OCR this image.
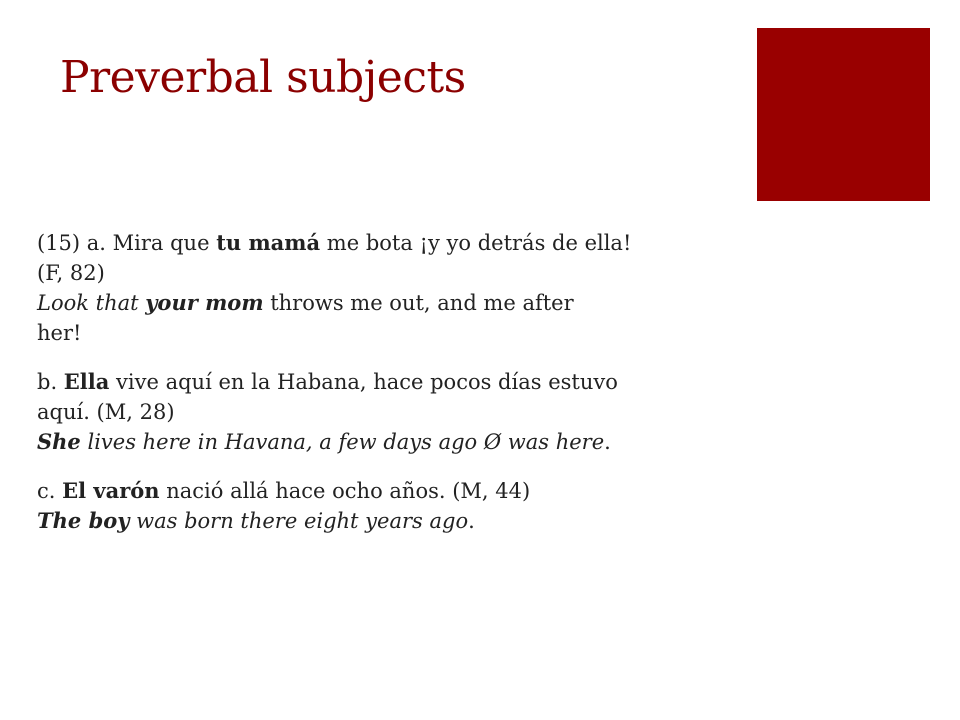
Preverbal subjects

(15) a. Mira que tu mamá me bota ¡y yo detrás de ella!
(F, 82)
Look that your mom throws me out, and me after
her!

b. Ella vive aquí en la Habana, hace pocos días estuvo
aquí. (M, 28)
She lives here in Havana, a few days ago Ø was here.

c. El varón nació allá hace ocho años. (M, 44)
The boy was born there eight years ago.
